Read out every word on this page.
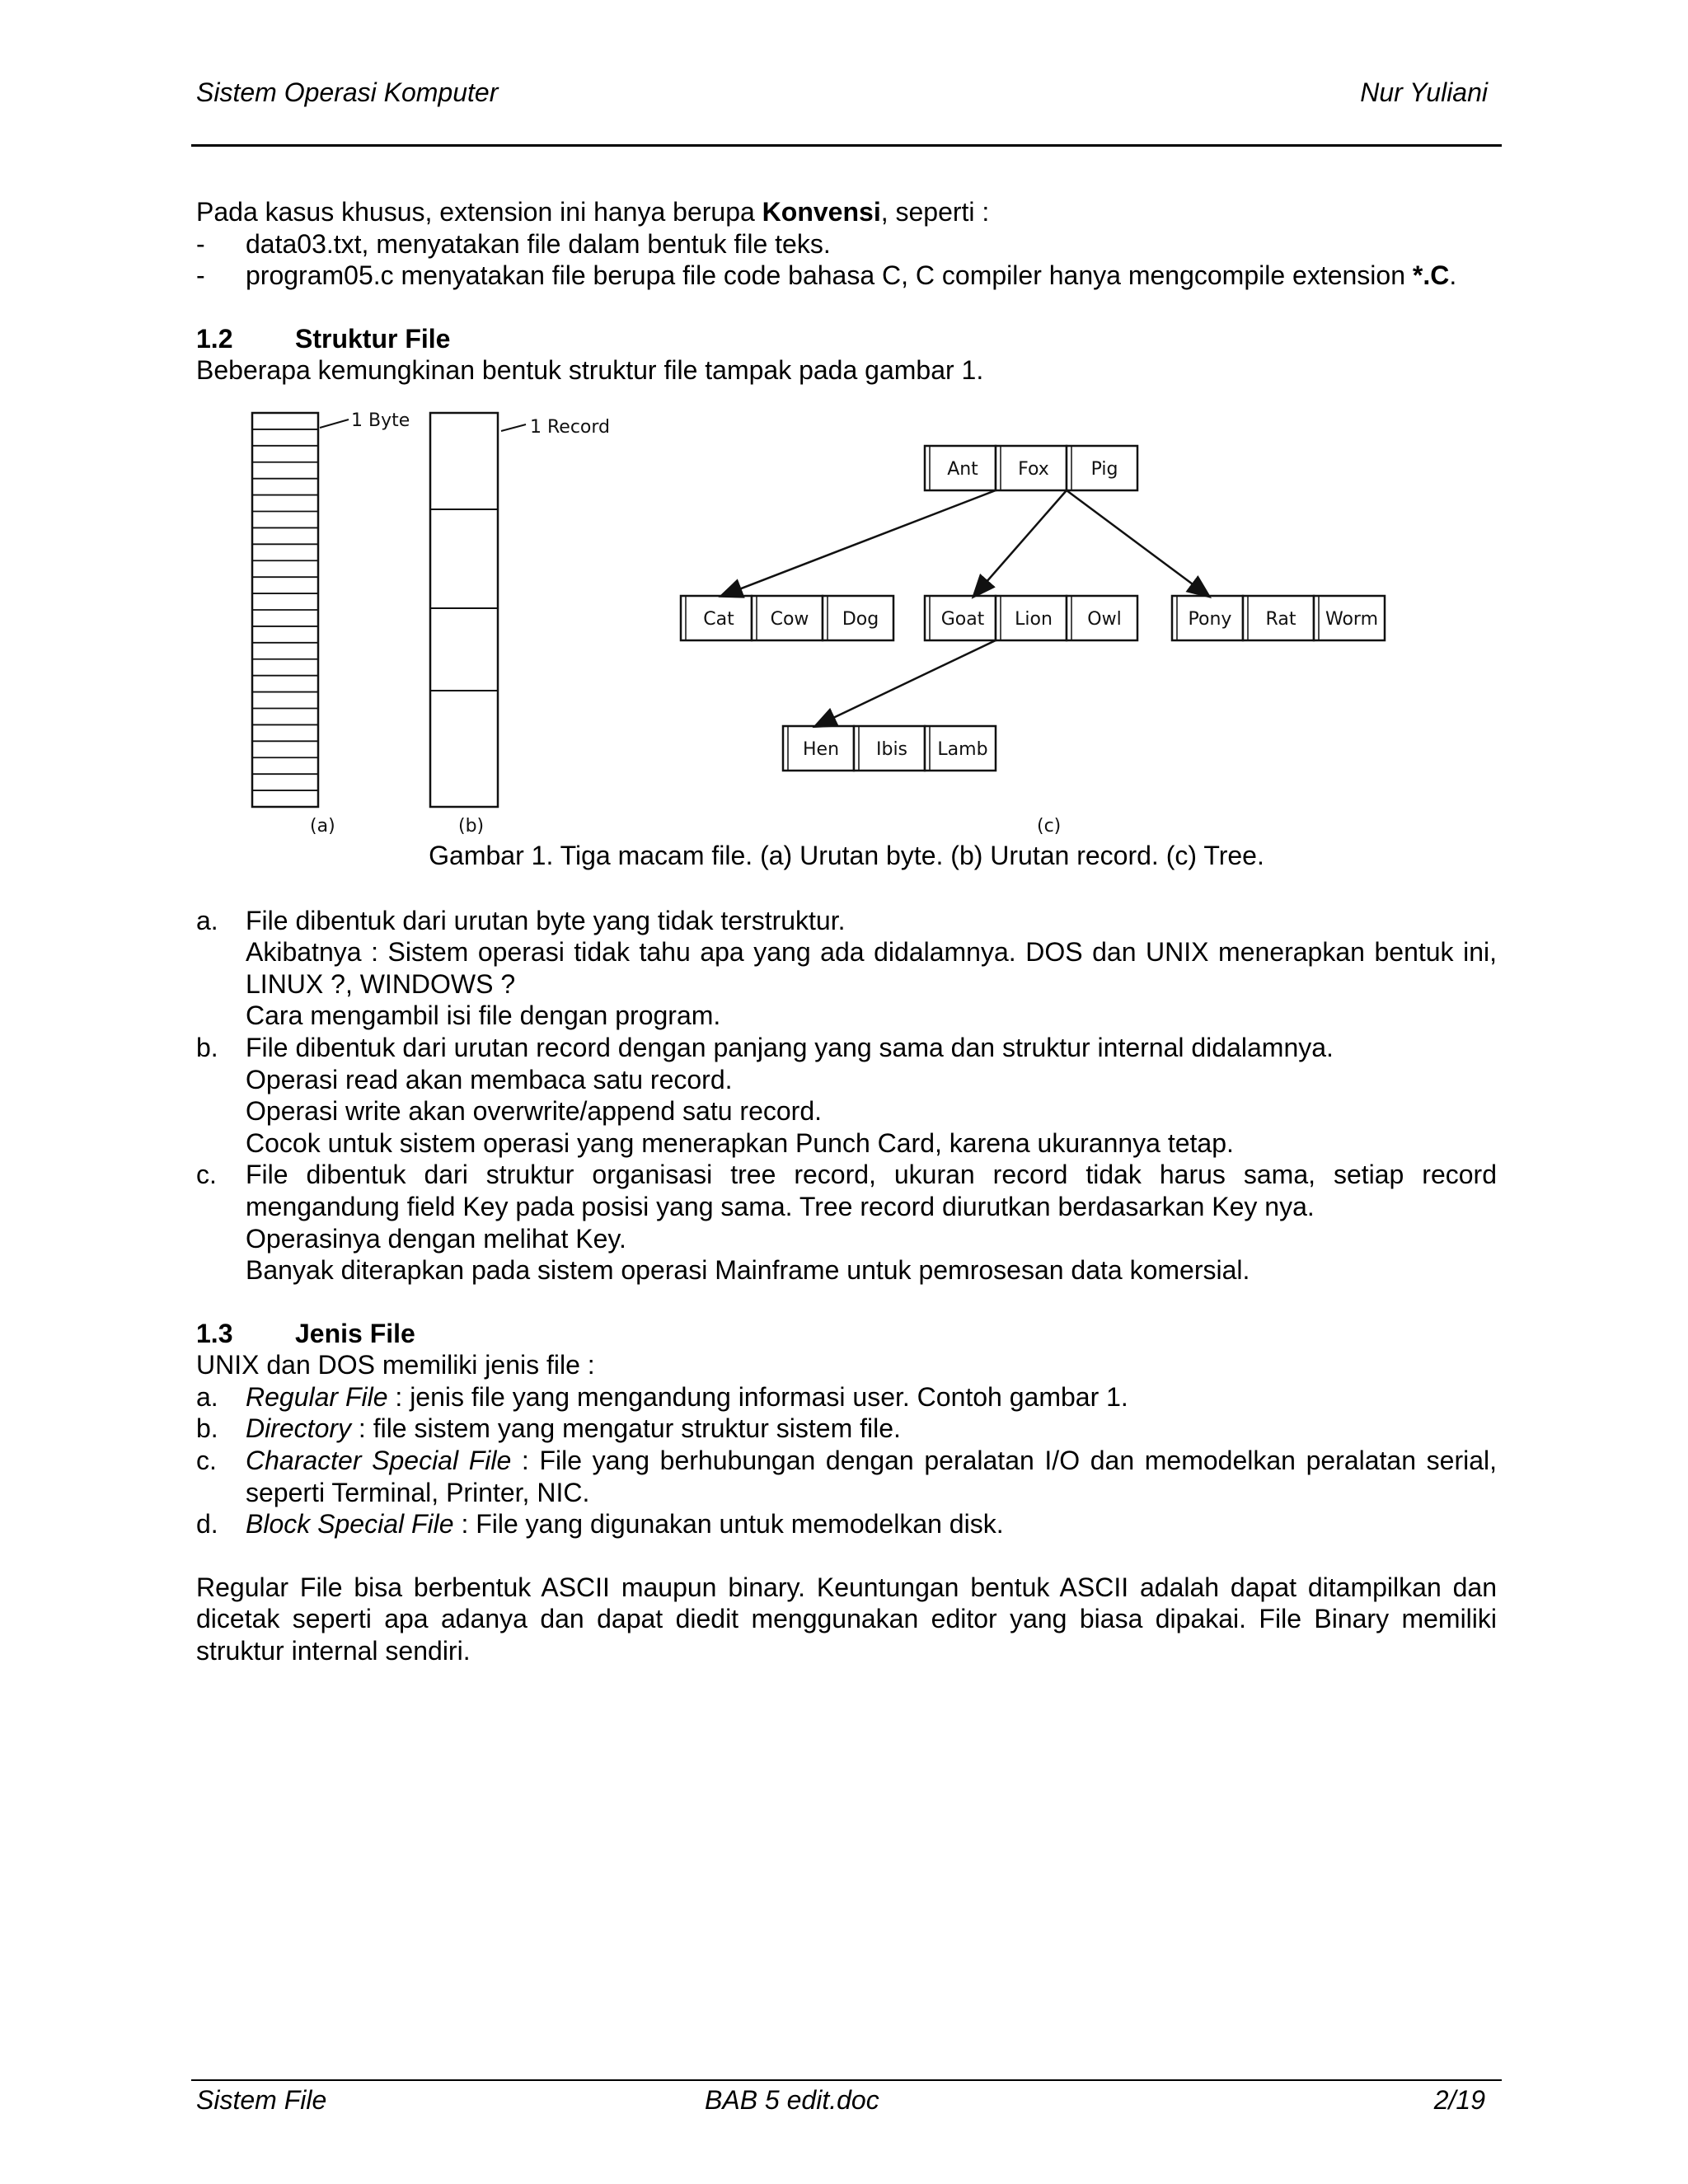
Sistem Operasi Komputer	Nur Yuliani

Pada kasus khusus, extension ini hanya berupa Konvensi, seperti :

-	data03.txt, menyatakan file dalam bentuk file teks.
-	program05.c menyatakan file berupa file code bahasa C, C compiler hanya mengcompile extension *.C.
1.2	Struktur File

Beberapa kemungkinan bentuk struktur file tampak pada gambar 1.

1 Byte	1 Record
Ant Fox Pig
Cat Cow Dog	Goat Lion Owl	Pony Rat Worm
Hen Ibis Lamb
(a)	(b)	(c)

Gambar 1. Tiga macam file. (a) Urutan byte. (b) Urutan record. (c) Tree.

a.	File dibentuk dari urutan byte yang tidak terstruktur.

Akibatnya : Sistem operasi tidak tahu apa yang ada didalamnya. DOS dan UNIX menerapkan bentuk ini, LINUX ?, WINDOWS ?

Cara mengambil isi file dengan program.

b.	File dibentuk dari urutan record dengan panjang yang sama dan struktur internal didalamnya.

Operasi read akan membaca satu record.

Operasi write akan overwrite/append satu record.

Cocok untuk sistem operasi yang menerapkan Punch Card, karena ukurannya tetap.

c.	File dibentuk dari struktur organisasi tree record, ukuran record tidak harus sama, setiap record mengandung field Key pada posisi yang sama. Tree record diurutkan berdasarkan Key nya.

Operasinya dengan melihat Key.

Banyak diterapkan pada sistem operasi Mainframe untuk pemrosesan data komersial.

1.3	Jenis File

UNIX dan DOS memiliki jenis file :

a.	Regular File : jenis file yang mengandung informasi user. Contoh gambar 1.
b.	Directory : file sistem yang mengatur struktur sistem file.
c.	Character Special File : File yang berhubungan dengan peralatan I/O dan memodelkan peralatan serial, seperti Terminal, Printer, NIC.
d.	Block Special File : File yang digunakan untuk memodelkan disk.

Regular File bisa berbentuk ASCII maupun binary. Keuntungan bentuk ASCII adalah dapat ditampilkan dan dicetak seperti apa adanya dan dapat diedit menggunakan editor yang biasa dipakai. File Binary memiliki struktur internal sendiri.

Sistem File	BAB 5 edit.doc	2/19
